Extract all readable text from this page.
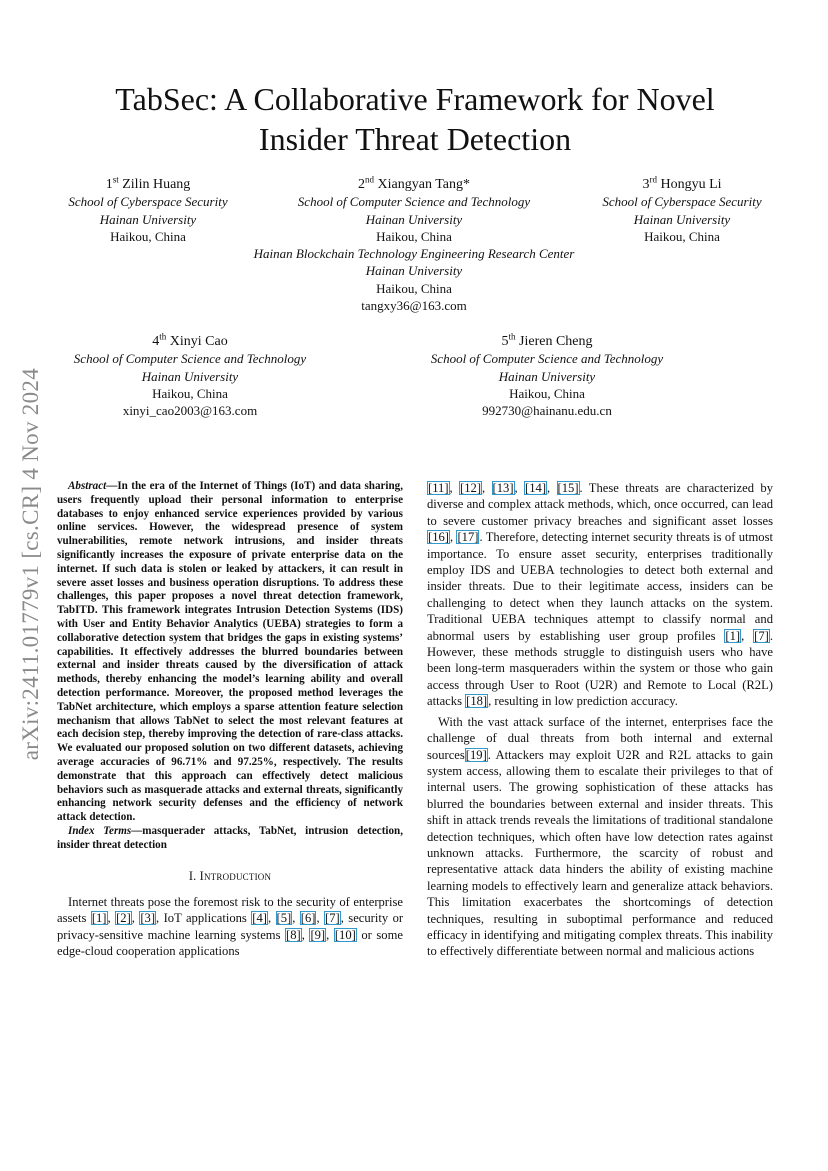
arXiv:2411.01779v1 [cs.CR] 4 Nov 2024
TabSec: A Collaborative Framework for Novel
Insider Threat Detection
1st Zilin Huang
School of Cyberspace Security
Hainan University
Haikou, China
2nd Xiangyan Tang*
School of Computer Science and Technology
Hainan University
Haikou, China
Hainan Blockchain Technology Engineering Research Center
Hainan University
Haikou, China
tangxy36@163.com
3rd Hongyu Li
School of Cyberspace Security
Hainan University
Haikou, China
4th Xinyi Cao
School of Computer Science and Technology
Hainan University
Haikou, China
xinyi_cao2003@163.com
5th Jieren Cheng
School of Computer Science and Technology
Hainan University
Haikou, China
992730@hainanu.edu.cn

Abstract—In the era of the Internet of Things (IoT) and data sharing, users frequently upload their personal information to enterprise databases to enjoy enhanced service experiences provided by various online services. However, the widespread presence of system vulnerabilities, remote network intrusions, and insider threats significantly increases the exposure of private enterprise data on the internet. If such data is stolen or leaked by attackers, it can result in severe asset losses and business operation disruptions. To address these challenges, this paper proposes a novel threat detection framework, TabITD. This framework integrates Intrusion Detection Systems (IDS) with User and Entity Behavior Analytics (UEBA) strategies to form a collaborative detection system that bridges the gaps in existing systems’ capabilities. It effectively addresses the blurred boundaries between external and insider threats caused by the diversification of attack methods, thereby enhancing the model’s learning ability and overall detection performance. Moreover, the proposed method leverages the TabNet architecture, which employs a sparse attention feature selection mechanism that allows TabNet to select the most relevant features at each decision step, thereby improving the detection of rare-class attacks. We evaluated our proposed solution on two different datasets, achieving average accuracies of 96.71% and 97.25%, respectively. The results demonstrate that this approach can effectively detect malicious behaviors such as masquerade attacks and external threats, significantly enhancing network security defenses and the efficiency of network attack detection.

Index Terms—masquerader attacks, TabNet, intrusion detection, insider threat detection

I. Introduction

Internet threats pose the foremost risk to the security of enterprise assets [1], [2], [3], IoT applications [4], [5], [6], [7], security or privacy-sensitive machine learning systems [8], [9], [10] or some edge-cloud cooperation applications

[11], [12], [13], [14], [15]. These threats are characterized by diverse and complex attack methods, which, once occurred, can lead to severe customer privacy breaches and significant asset losses [16], [17]. Therefore, detecting internet security threats is of utmost importance. To ensure asset security, enterprises traditionally employ IDS and UEBA technologies to detect both external and insider threats. Due to their legitimate access, insiders can be challenging to detect when they launch attacks on the system. Traditional UEBA techniques attempt to classify normal and abnormal users by establishing user group profiles [1], [7]. However, these methods struggle to distinguish users who have been long-term masqueraders within the system or those who gain access through User to Root (U2R) and Remote to Local (R2L) attacks [18], resulting in low prediction accuracy.

With the vast attack surface of the internet, enterprises face the challenge of dual threats from both internal and external sources[19]. Attackers may exploit U2R and R2L attacks to gain system access, allowing them to escalate their privileges to that of internal users. The growing sophistication of these attacks has blurred the boundaries between external and insider threats. This shift in attack trends reveals the limitations of traditional standalone detection techniques, which often have low detection rates against unknown attacks. Furthermore, the scarcity of robust and representative attack data hinders the ability of existing machine learning models to effectively learn and generalize attack behaviors. This limitation exacerbates the shortcomings of detection techniques, resulting in suboptimal performance and reduced efficacy in identifying and mitigating complex threats. This inability to effectively differentiate between normal and malicious actions
